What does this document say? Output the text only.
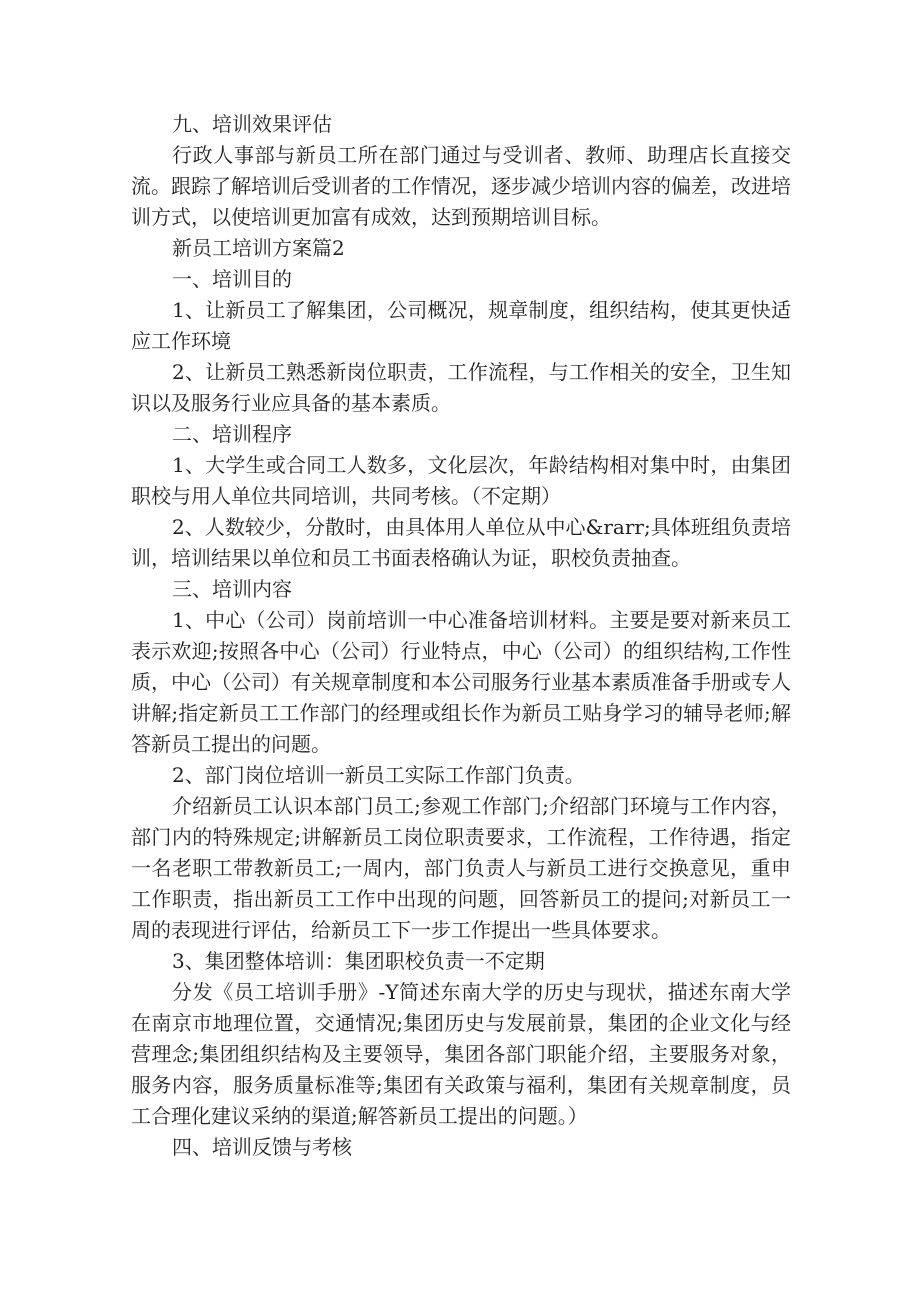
九、培训效果评估

行政人事部与新员工所在部门通过与受训者、教师、助理店长直接交流。跟踪了解培训后受训者的工作情况，逐步减少培训内容的偏差，改进培训方式，以使培训更加富有成效，达到预期培训目标。

新员工培训方案篇2

一、培训目的

1、让新员工了解集团，公司概况，规章制度，组织结构，使其更快适应工作环境

2、让新员工熟悉新岗位职责，工作流程，与工作相关的安全，卫生知识以及服务行业应具备的基本素质。

二、培训程序

1、大学生或合同工人数多，文化层次，年龄结构相对集中时，由集团职校与用人单位共同培训，共同考核。（不定期）

2、人数较少，分散时，由具体用人单位从中心&rarr;具体班组负责培训，培训结果以单位和员工书面表格确认为证，职校负责抽查。

三、培训内容

1、中心（公司）岗前培训一中心准备培训材料。主要是要对新来员工表示欢迎;按照各中心（公司）行业特点，中心（公司）的组织结构,工作性质，中心（公司）有关规章制度和本公司服务行业基本素质准备手册或专人讲解;指定新员工工作部门的经理或组长作为新员工贴身学习的辅导老师;解答新员工提出的问题。

2、部门岗位培训一新员工实际工作部门负责。

介绍新员工认识本部门员工;参观工作部门;介绍部门环境与工作内容，部门内的特殊规定;讲解新员工岗位职责要求，工作流程，工作待遇，指定一名老职工带教新员工;一周内，部门负责人与新员工进行交换意见，重申工作职责，指出新员工工作中出现的问题，回答新员工的提问;对新员工一周的表现进行评估，给新员工下一步工作提出一些具体要求。

3、集团整体培训：集团职校负责一不定期

分发《员工培训手册》-Y简述东南大学的历史与现状，描述东南大学在南京市地理位置，交通情况;集团历史与发展前景，集团的企业文化与经营理念;集团组织结构及主要领导，集团各部门职能介绍，主要服务对象，服务内容，服务质量标准等;集团有关政策与福利，集团有关规章制度，员工合理化建议采纳的渠道;解答新员工提出的问题。）

四、培训反馈与考核
